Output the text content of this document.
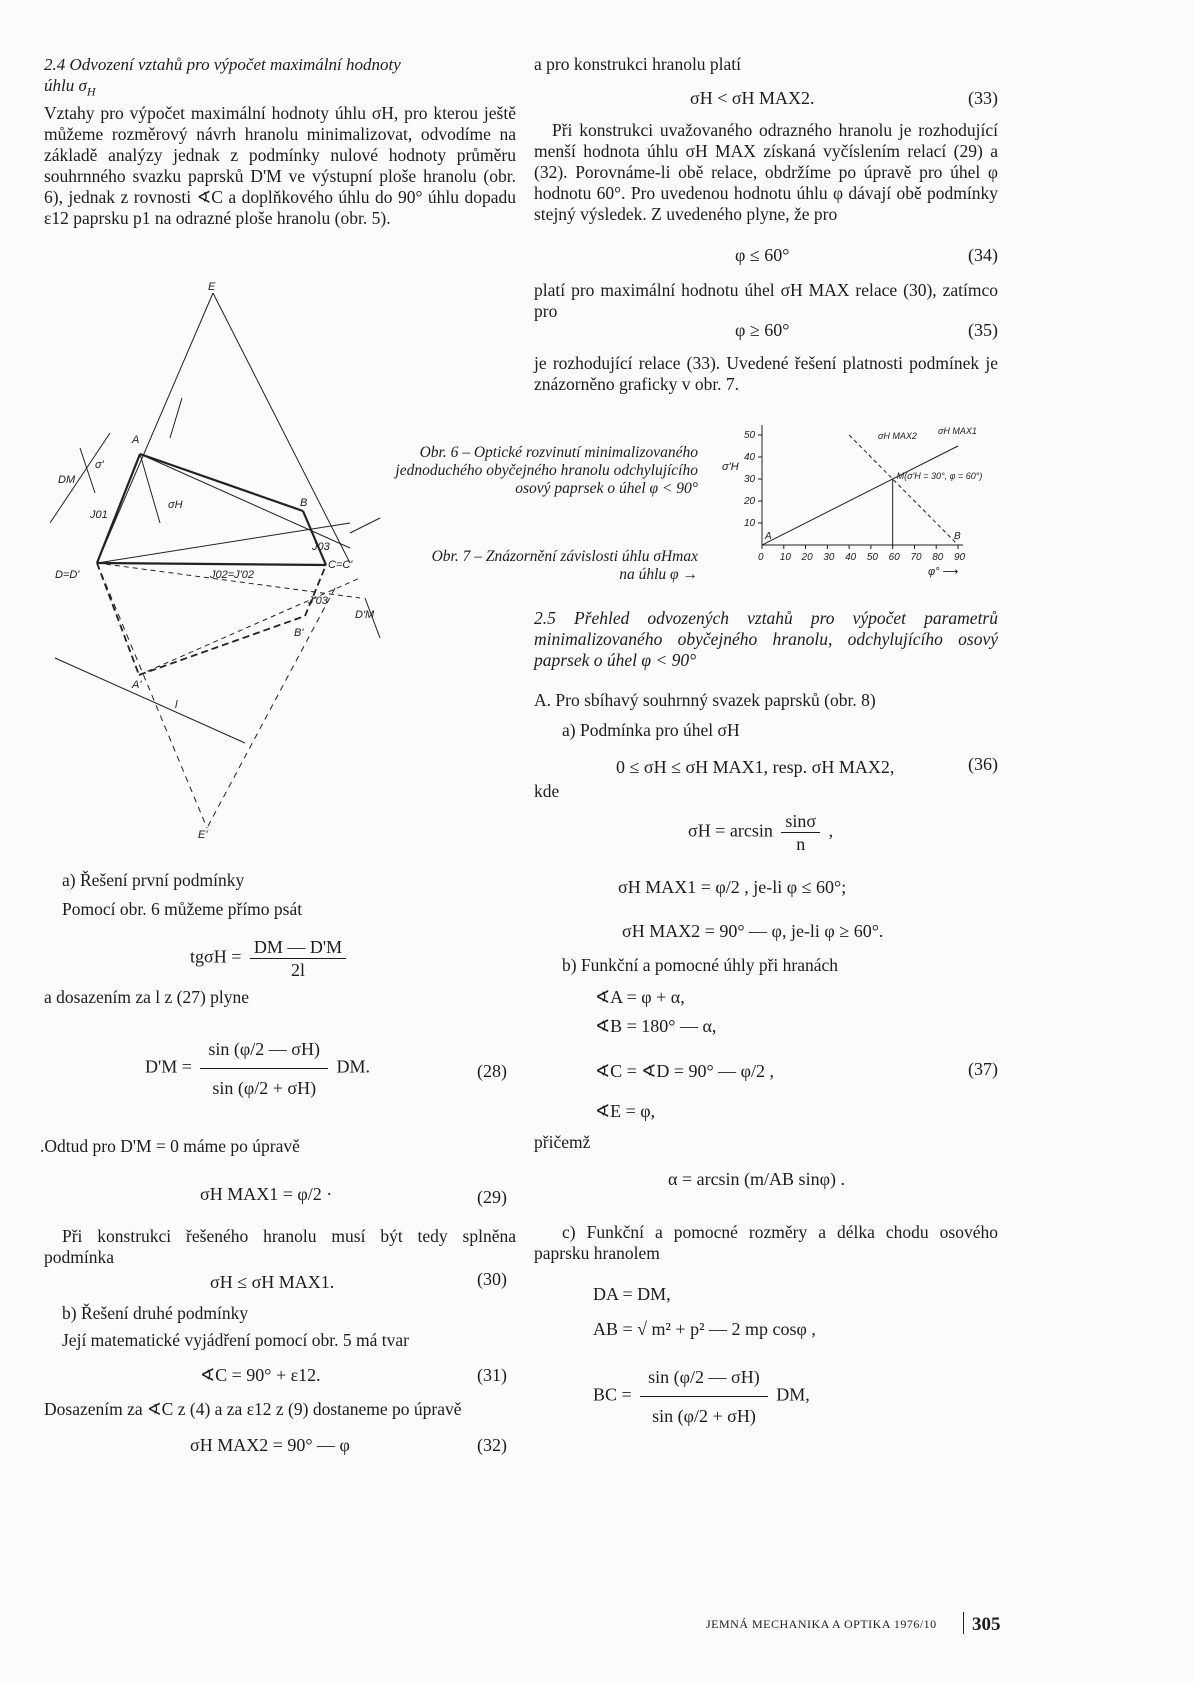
2.4 Odvození vztahů pro výpočet maximální hodnoty
úhlu $\sigma_H$
Vztahy pro výpočet maximální hodnoty úhlu σH, pro kterou ještě můžeme rozměrový návrh hranolu minimalizovat, odvodíme na základě analýzy jednak z podmínky nulové hodnoty průměru souhrnného svazku paprsků D'M ve výstupní ploše hranolu (obr. 6), jednak z rovnosti ∢C a doplňkového úhlu do 90° úhlu dopadu ε12 paprsku p1 na odrazné ploše hranolu (obr. 5).
E
A
B
C=C'
D=D'
A'
B'
E'
σH
σ'
DM
D'M
J01
J02=J'02
J03
J'03
l
a) Řešení první podmínky
Pomocí obr. 6 můžeme přímo psát
$tg\sigma H = \frac{DM — D'M}{2l}$
a dosazením za l z (27) plyne
$D'M = \frac{\sin (\varphi/2 — \sigma H)}{\sin (\varphi/2 + \sigma H)}$ DM.	(28)
.Odtud pro D'M = 0 máme po úpravě
σH MAX1 = φ/2 ·	(29)
Při konstrukci řešeného hranolu musí být tedy splněna podmínka
σH ≤ σH MAX1.	(30)
b) Řešení druhé podmínky
Její matematické vyjádření pomocí obr. 5 má tvar
∢C = 90° + ε12.	(31)
Dosazením za ∢C z (4) a za ε12 z (9) dostaneme po úpravě
σH MAX2 = 90° — φ	(32)
a pro konstrukci hranolu platí
σH < σH MAX2.	(33)
Při konstrukci uvažovaného odrazného hranolu je rozhodující menší hodnota úhlu σH MAX získaná vyčíslením relací (29) a (32). Porovnáme-li obě relace, obdržíme po úpravě pro úhel φ hodnotu 60°. Pro uvedenou hodnotu úhlu φ dávají obě podmínky stejný výsledek. Z uvedeného plyne, že pro
φ ≤ 60°	(34)
platí pro maximální hodnotu úhel σH MAX relace (30), zatímco pro
φ ≥ 60°	(35)
je rozhodující relace (33). Uvedené řešení platnosti podmínek je znázorněno graficky v obr. 7.
Obr. 6 – Optické rozvinutí minimalizovaného jednoduchého obyčejného hranolu odchylujícího osový paprsek o úhel φ < 90°
Obr. 7 – Znázornění závislosti úhlu σHmax
na úhlu φ →
0 10 20 30 40 50 60 70 80 90
10
20
30
40
50
φ° ⟶
σ'H
σH MAX1
σH MAX2
A	B
M(σ'H = 30°, φ = 60°)
2.5 Přehled odvozených vztahů pro výpočet parametrů minimalizovaného obyčejného hranolu, odchylujícího osový paprsek o úhel φ < 90°
A. Pro sbíhavý souhrnný svazek paprsků (obr. 8)
a) Podmínka pro úhel σH
0 ≤ σH ≤ σH MAX1, resp. σH MAX2,	(36)
kde
$\sigma H = \arcsin \frac{\sin\sigma}{n}$ ,
σH MAX1 = φ/2 , je-li φ ≤ 60°;
σH MAX2 = 90° — φ, je-li φ ≥ 60°.
b) Funkční a pomocné úhly při hranách
∢A = φ + α,
∢B = 180° — α,
∢C = ∢D = 90° — φ/2 ,	(37)
∢E = φ,
přičemž
α = arcsin (m/AB sinφ) .
c) Funkční a pomocné rozměry a délka chodu osového paprsku hranolem
DA = DM,
AB = √ m² + p² — 2 mp cosφ ,
BC = $\frac{\sin (\varphi/2 — \sigma H)}{\sin (\varphi/2 + \sigma H)}$ DM,
JEMNÁ MECHANIKA A OPTIKA 1976/10 305
